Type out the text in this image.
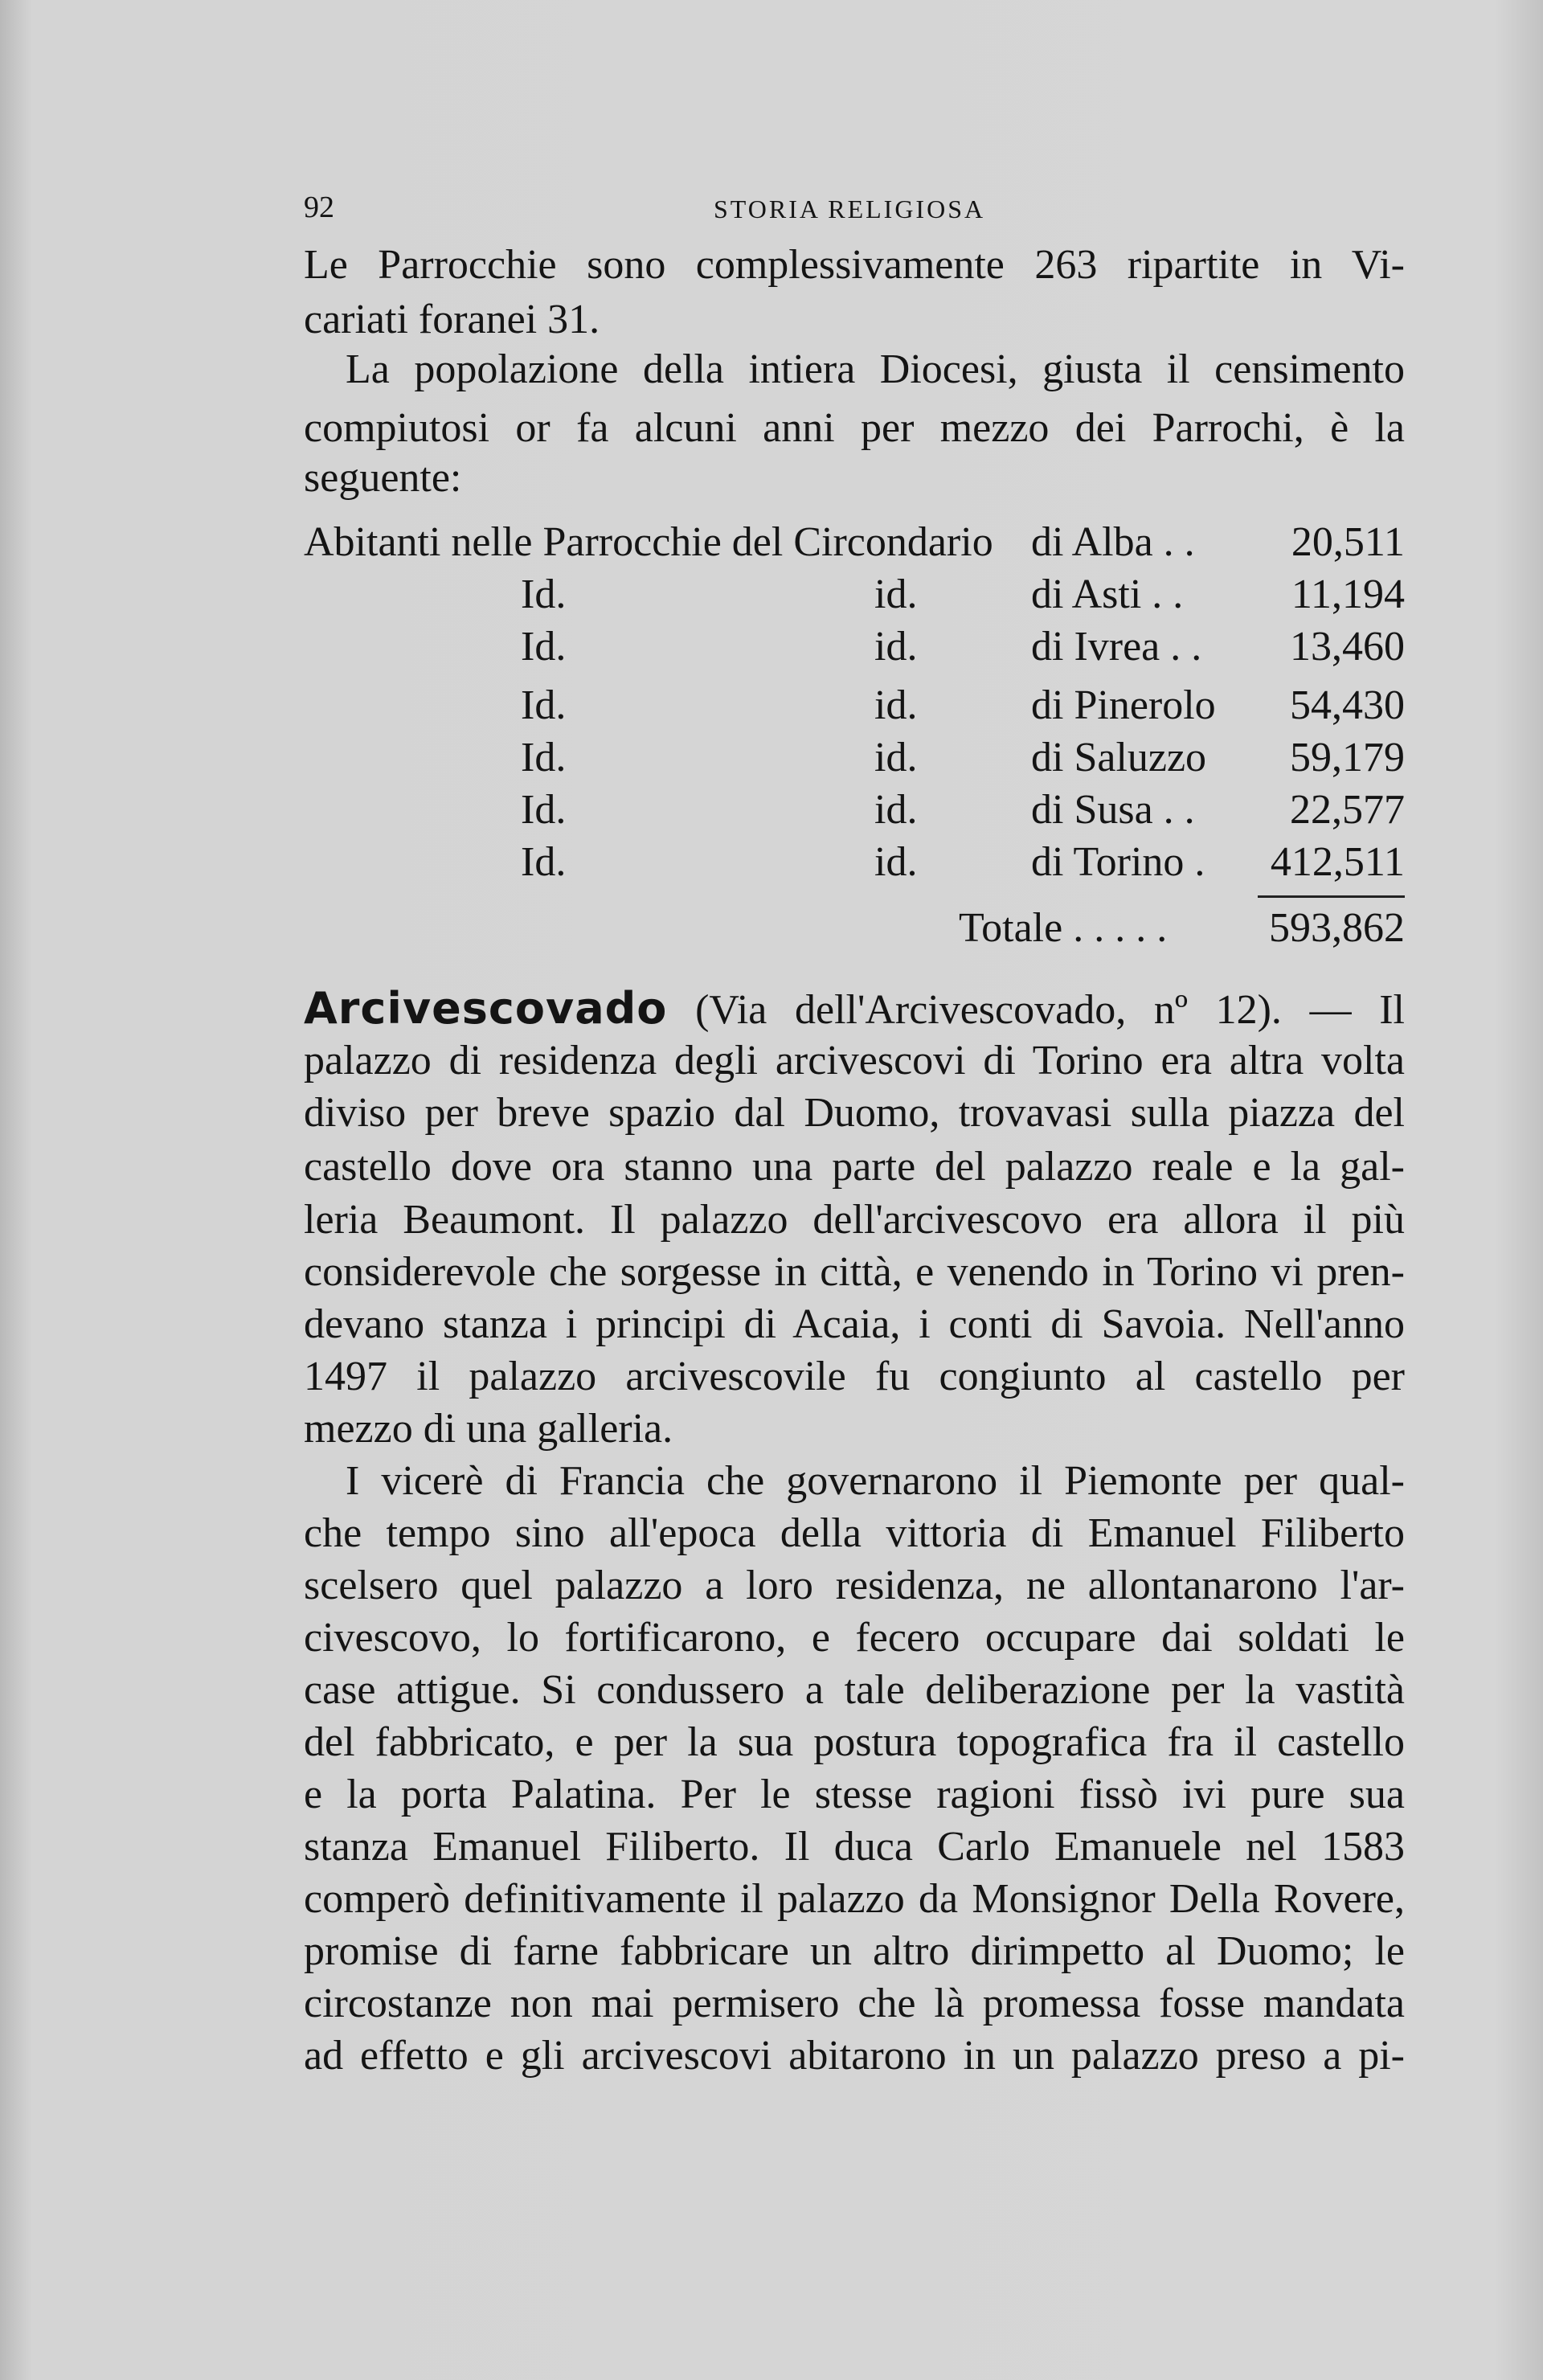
92	STORIA RELIGIOSA

Le Parrocchie sono complessivamente 263 ripartite in Vi-

cariati foranei 31.

La popolazione della intiera Diocesi, giusta il censimento

compiutosi or fa alcuni anni per mezzo dei Parrochi, è la

seguente:

Abitanti nelle Parrocchie del Circondario di Alba . . 20,511
Id.	id.	di Asti . .	11,194
Id.	id.	di Ivrea . . 13,460
Id.	id.	di Pinerolo 54,430
Id.	id.	di Saluzzo 59,179
Id.	id.	di Susa . . 22,577
Id.	id.	di Torino . 412,511
Totale . . . . . 593,862

Arcivescovado (Via dell'Arcivescovado, nº 12). — Il

palazzo di residenza degli arcivescovi di Torino era altra volta

diviso per breve spazio dal Duomo, trovavasi sulla piazza del

castello dove ora stanno una parte del palazzo reale e la gal-

leria Beaumont. Il palazzo dell'arcivescovo era allora il più

considerevole che sorgesse in città, e venendo in Torino vi pren-

devano stanza i principi di Acaia, i conti di Savoia. Nell'anno

1497 il palazzo arcivescovile fu congiunto al castello per

mezzo di una galleria.

I vicerè di Francia che governarono il Piemonte per qual-

che tempo sino all'epoca della vittoria di Emanuel Filiberto

scelsero quel palazzo a loro residenza, ne allontanarono l'ar-

civescovo, lo fortificarono, e fecero occupare dai soldati le

case attigue. Si condussero a tale deliberazione per la vastità

del fabbricato, e per la sua postura topografica fra il castello

e la porta Palatina. Per le stesse ragioni fissò ivi pure sua

stanza Emanuel Filiberto. Il duca Carlo Emanuele nel 1583

comperò definitivamente il palazzo da Monsignor Della Rovere,

promise di farne fabbricare un altro dirimpetto al Duomo; le

circostanze non mai permisero che là promessa fosse mandata

ad effetto e gli arcivescovi abitarono in un palazzo preso a pi-
